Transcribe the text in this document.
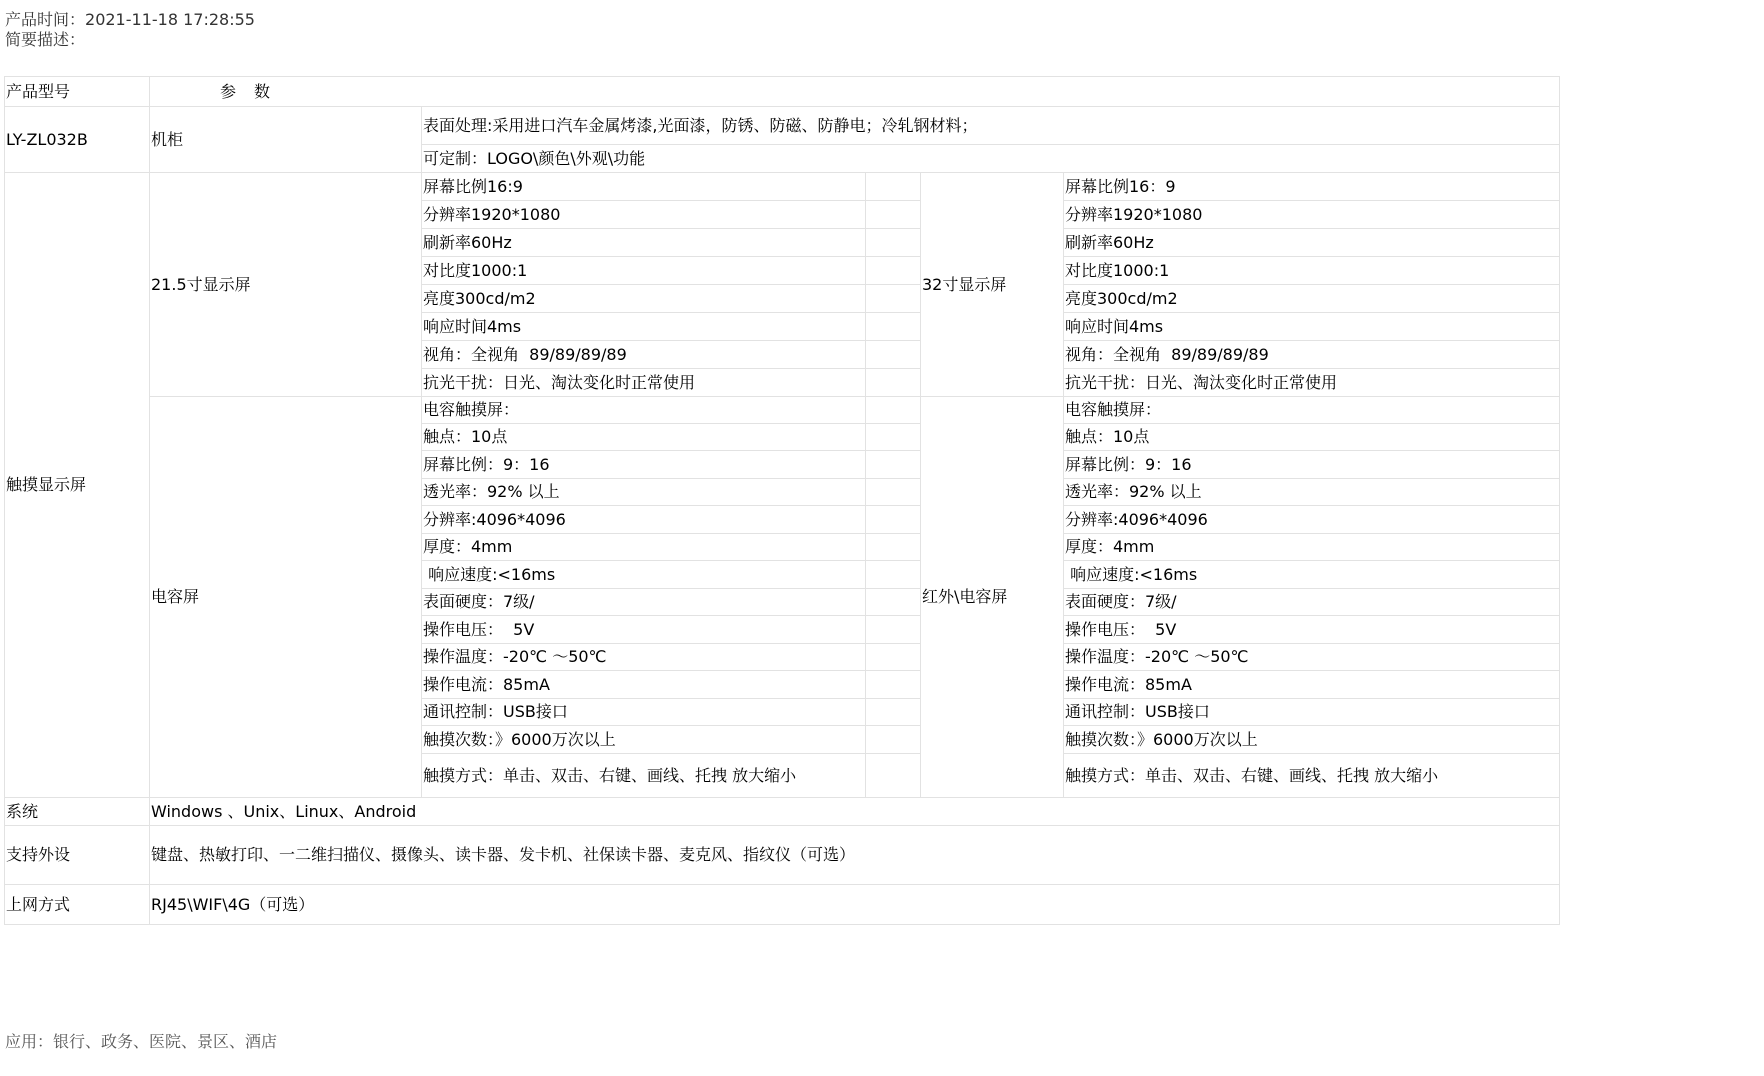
产品时间：2021-11-18 17:28:55
简要描述：
产品型号	参 数				
LY-ZL032B	机柜	表面处理:采用进口汽车金属烤漆,光面漆，防锈、防磁、防静电；冷轧钢材料；			
		可定制：LOGO\颜色\外观\功能			
触摸显示屏	21.5寸显示屏	屏幕比例16:9		32寸显示屏	屏幕比例16：9
		分辨率1920*1080			分辨率1920*1080
		刷新率60Hz			刷新率60Hz
		对比度1000:1			对比度1000:1
		亮度300cd/m2			亮度300cd/m2
		响应时间4ms			响应时间4ms
		视角：全视角  89/89/89/89			视角：全视角  89/89/89/89
		抗光干扰：日光、淘汰变化时正常使用			抗光干扰：日光、淘汰变化时正常使用
	电容屏	电容触摸屏：		红外\电容屏	电容触摸屏：
		触点：10点			触点：10点
		屏幕比例：9：16			屏幕比例：9：16
		透光率：92% 以上			透光率：92% 以上
		分辨率:4096*4096			分辨率:4096*4096
		厚度：4mm			厚度：4mm
		响应速度:<16ms			响应速度:<16ms
		表面硬度：7级/			表面硬度：7级/
		操作电压：  5V			操作电压：  5V
		操作温度：-20℃ ～50℃			操作温度：-20℃ ～50℃
		操作电流：85mA			操作电流：85mA
		通讯控制：USB接口			通讯控制：USB接口
		触摸次数：》6000万次以上			触摸次数：》6000万次以上
		触摸方式：单击、双击、右键、画线、托拽 放大缩小			触摸方式：单击、双击、右键、画线、托拽 放大缩小
系统	Windows 、Unix、Linux、Android				
支持外设	键盘、热敏打印、一二维扫描仪、摄像头、读卡器、发卡机、社保读卡器、麦克风、指纹仪（可选）				
上网方式	RJ45\WIF\4G（可选）				
应用：银行、政务、医院、景区、酒店
